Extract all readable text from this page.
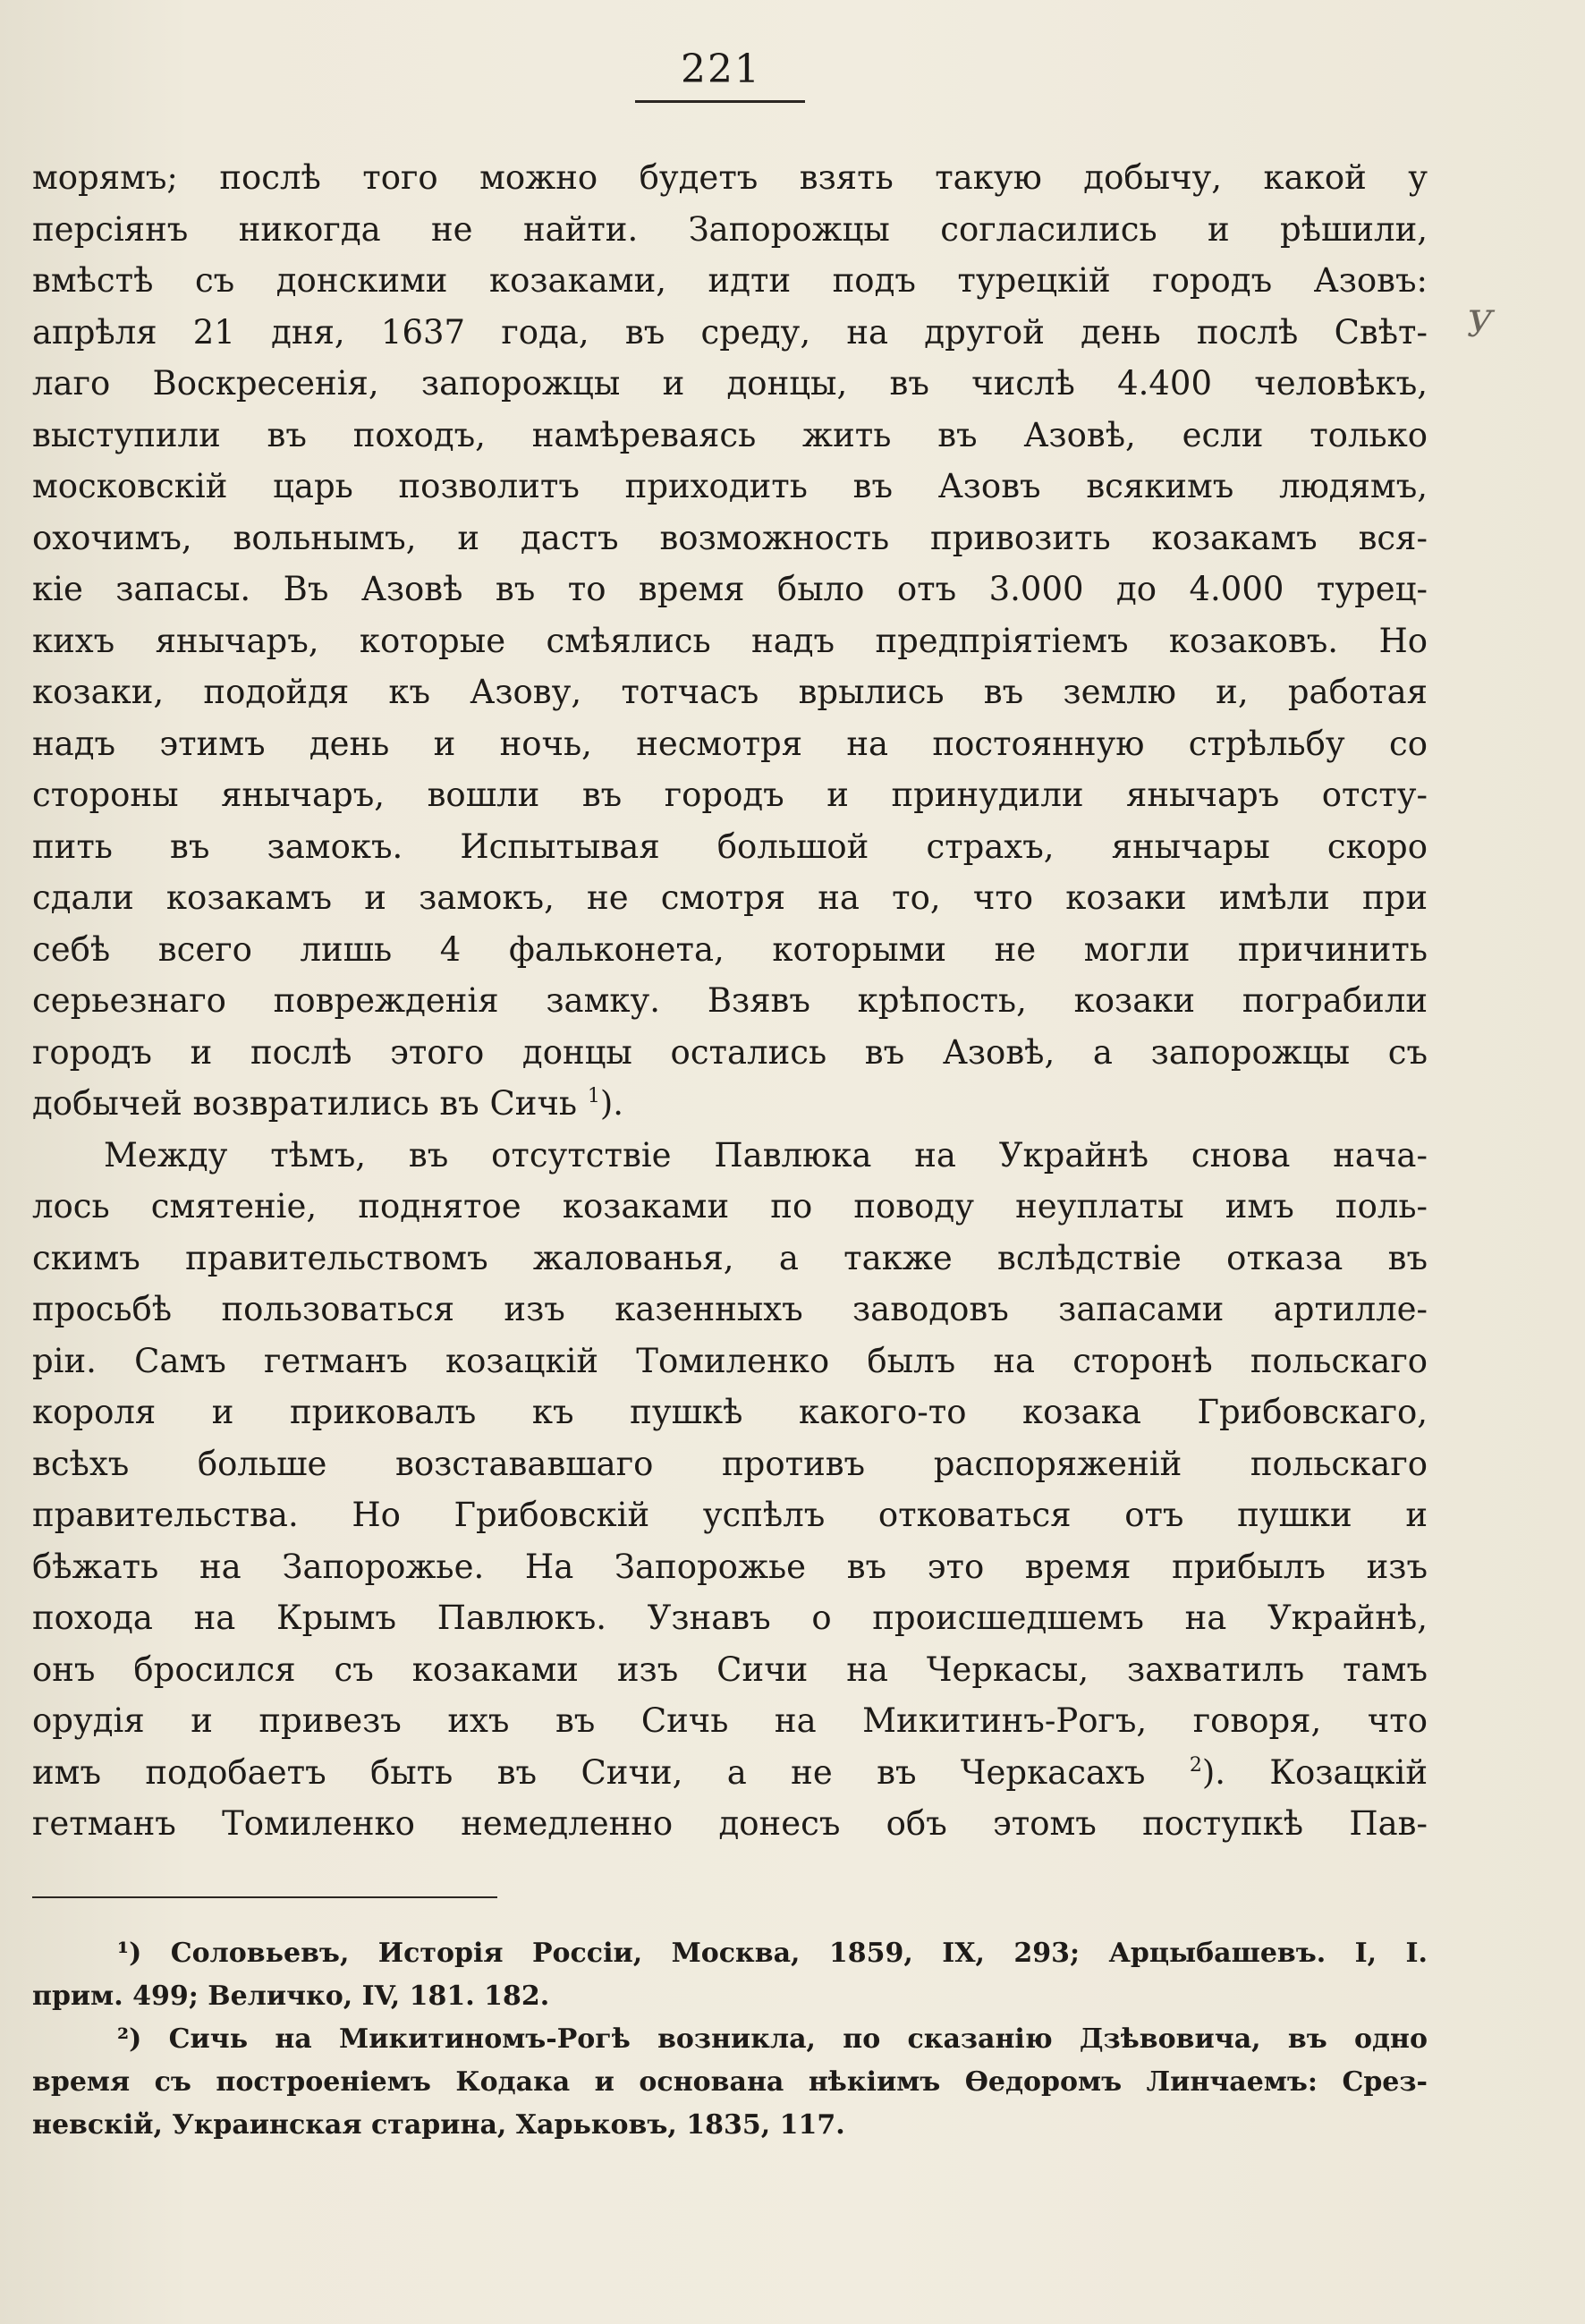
221
У
морямъ; послѣ того можно будетъ взять такую добычу, какой у
персіянъ никогда не найти. Запорожцы согласились и рѣшили,
вмѣстѣ съ донскими козаками, идти подъ турецкій городъ Азовъ:
апрѣля 21 дня, 1637 года, въ среду, на другой день послѣ Свѣт-
лаго Воскресенія, запорожцы и донцы, въ числѣ 4.400 человѣкъ,
выступили въ походъ, намѣреваясь жить въ Азовѣ, если только
московскій царь позволитъ приходить въ Азовъ всякимъ людямъ,
охочимъ, вольнымъ, и дастъ возможность привозить козакамъ вся-
кіе запасы. Въ Азовѣ въ то время было отъ 3.000 до 4.000 турец-
кихъ янычаръ, которые смѣялись надъ предпріятіемъ козаковъ. Но
козаки, подойдя къ Азову, тотчасъ врылись въ землю и, работая
надъ этимъ день и ночь, несмотря на постоянную стрѣльбу со
стороны янычаръ, вошли въ городъ и принудили янычаръ отсту-
пить въ замокъ. Испытывая большой страхъ, янычары скоро
сдали козакамъ и замокъ, не смотря на то, что козаки имѣли при
себѣ всего лишь 4 фальконета, которыми не могли причинить
серьезнаго поврежденія замку. Взявъ крѣпость, козаки пограбили
городъ и послѣ этого донцы остались въ Азовѣ, а запорожцы съ
добычей возвратились въ Сичь $^1$).
Между тѣмъ, въ отсутствіе Павлюка на Украйнѣ снова нача-
лось смятеніе, поднятое козаками по поводу неуплаты имъ поль-
скимъ правительствомъ жалованья, а также вслѣдствіе отказа въ
просьбѣ пользоваться изъ казенныхъ заводовъ запасами артилле-
ріи. Самъ гетманъ козацкій Томиленко былъ на сторонѣ польскаго
короля и приковалъ къ пушкѣ какого-то козака Грибовскаго,
всѣхъ больше возстававшаго противъ распоряженій польскаго
правительства. Но Грибовскій успѣлъ отковаться отъ пушки и
бѣжать на Запорожье. На Запорожье въ это время прибылъ изъ
похода на Крымъ Павлюкъ. Узнавъ о происшедшемъ на Украйнѣ,
онъ бросился съ козаками изъ Сичи на Черкасы, захватилъ тамъ
орудія и привезъ ихъ въ Сичь на Микитинъ-Рогъ, говоря, что
имъ подобаетъ быть въ Сичи, а не въ Черкасахъ $^2$). Козацкій
гетманъ Томиленко немедленно донесъ объ этомъ поступкѣ Пав-
¹) Соловьевъ, Исторія Россіи, Москва, 1859, IX, 293; Арцыбашевъ. I, I.
прим. 499; Величко, IV, 181. 182.
²) Сичь на Микитиномъ-Рогѣ возникла, по сказанію Дзѣвовича, въ одно
время съ построеніемъ Кодака и основана нѣкіимъ Ѳедоромъ Линчаемъ: Срез-
невскій, Украинская старина, Харьковъ, 1835, 117.
